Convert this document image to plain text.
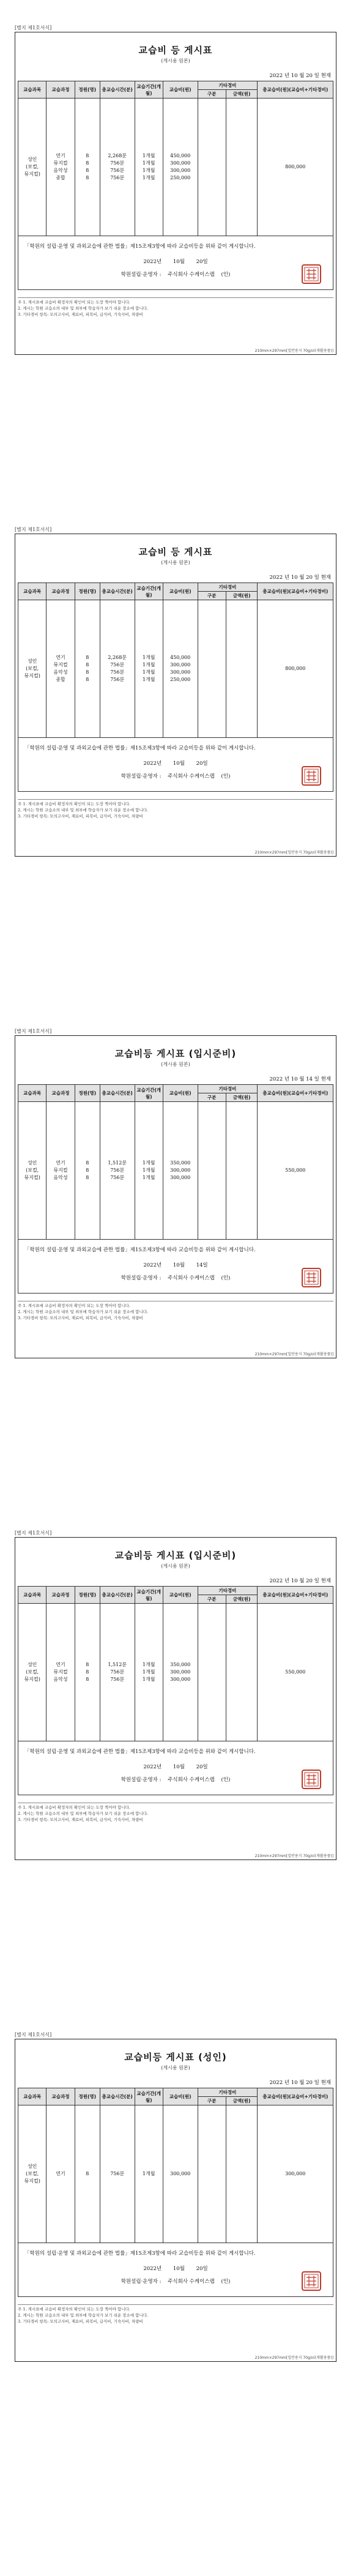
[별지 제1호서식]
교습비 등 게시표
(게시용 원본)
2022 년 10 월 20 일 현재
교습과목	교습과정	정원(명)	총교습시간(분)	교습기간(개월)	교습비(원)	기타경비		총교습비(원)(교습비+기타경비)
						구분	금액(원)	

성인
(보컬,
뮤지컬)	연기
뮤지컬
음악성
종합	8
8
8
8	2,268분
756분
756분
756분	1개월
1개월
1개월
1개월	450,000
300,000
300,000
250,000			800,000
「학원의 설립·운영 및 과외교습에 관한 법률」제15조제3항에 따라 교습비등을 위와 같이 게시합니다.
2022년 10월 20일
학원설립·운영자 : 주식회사 수케이스랩 (인)
주 1. 게시표에 교습비 확정자의 확인이 되는 도장 찍어야 합니다.
2. 게시는 학원 교습소의 내부 및 외부에 학습자가 보기 쉬운 장소에 합니다.
3. 기타경비 항목: 모의고사비, 재료비, 피복비, 급식비, 기숙사비, 차량비
210mm×297mm[일반용지 70g/㎡(재활용품)]
[별지 제1호서식]
교습비 등 게시표
(게시용 원본)
2022 년 10 월 20 일 현재
교습과목	교습과정	정원(명)	총교습시간(분)	교습기간(개월)	교습비(원)	기타경비		총교습비(원)(교습비+기타경비)
						구분	금액(원)	

성인
(보컬,
뮤지컬)	연기
뮤지컬
음악성
종합	8
8
8
8	2,268분
756분
756분
756분	1개월
1개월
1개월
1개월	450,000
300,000
300,000
250,000			800,000
「학원의 설립·운영 및 과외교습에 관한 법률」제15조제3항에 따라 교습비등을 위와 같이 게시합니다.
2022년 10월 20일
학원설립·운영자 : 주식회사 수케이스랩 (인)
주 1. 게시표에 교습비 확정자의 확인이 되는 도장 찍어야 합니다.
2. 게시는 학원 교습소의 내부 및 외부에 학습자가 보기 쉬운 장소에 합니다.
3. 기타경비 항목: 모의고사비, 재료비, 피복비, 급식비, 기숙사비, 차량비
210mm×297mm[일반용지 70g/㎡(재활용품)]
[별지 제1호서식]
교습비등 게시표 (입시준비)
(게시용 원본)
2022 년 10 월 14 일 현재
교습과목	교습과정	정원(명)	총교습시간(분)	교습기간(개월)	교습비(원)	기타경비		총교습비(원)(교습비+기타경비)
						구분	금액(원)	

성인
(보컬,
뮤지컬)	연기
뮤지컬
음악성	8
8
8	1,512분
756분
756분	1개월
1개월
1개월	350,000
300,000
300,000			550,000
「학원의 설립·운영 및 과외교습에 관한 법률」제15조제3항에 따라 교습비등을 위와 같이 게시합니다.
2022년 10월 14일
학원설립·운영자 : 주식회사 수케이스랩 (인)
주 1. 게시표에 교습비 확정자의 확인이 되는 도장 찍어야 합니다.
2. 게시는 학원 교습소의 내부 및 외부에 학습자가 보기 쉬운 장소에 합니다.
3. 기타경비 항목: 모의고사비, 재료비, 피복비, 급식비, 기숙사비, 차량비
210mm×297mm[일반용지 70g/㎡(재활용품)]
[별지 제1호서식]
교습비등 게시표 (입시준비)
(게시용 원본)
2022 년 10 월 20 일 현재
교습과목	교습과정	정원(명)	총교습시간(분)	교습기간(개월)	교습비(원)	기타경비		총교습비(원)(교습비+기타경비)
						구분	금액(원)	

성인
(보컬,
뮤지컬)	연기
뮤지컬
음악성	8
8
8	1,512분
756분
756분	1개월
1개월
1개월	350,000
300,000
300,000			550,000
「학원의 설립·운영 및 과외교습에 관한 법률」제15조제3항에 따라 교습비등을 위와 같이 게시합니다.
2022년 10월 20일
학원설립·운영자 : 주식회사 수케이스랩 (인)
주 1. 게시표에 교습비 확정자의 확인이 되는 도장 찍어야 합니다.
2. 게시는 학원 교습소의 내부 및 외부에 학습자가 보기 쉬운 장소에 합니다.
3. 기타경비 항목: 모의고사비, 재료비, 피복비, 급식비, 기숙사비, 차량비
210mm×297mm[일반용지 70g/㎡(재활용품)]
[별지 제1호서식]
교습비등 게시표 (성인)
(게시용 원본)
2022 년 10 월 20 일 현재
교습과목	교습과정	정원(명)	총교습시간(분)	교습기간(개월)	교습비(원)	기타경비		총교습비(원)(교습비+기타경비)
						구분	금액(원)	

성인
(보컬,
뮤지컬)	연기	8	756분	1개월	300,000			300,000
「학원의 설립·운영 및 과외교습에 관한 법률」제15조제3항에 따라 교습비등을 위와 같이 게시합니다.
2022년 10월 20일
학원설립·운영자 : 주식회사 수케이스랩 (인)
주 1. 게시표에 교습비 확정자의 확인이 되는 도장 찍어야 합니다.
2. 게시는 학원 교습소의 내부 및 외부에 학습자가 보기 쉬운 장소에 합니다.
3. 기타경비 항목: 모의고사비, 재료비, 피복비, 급식비, 기숙사비, 차량비
210mm×297mm[일반용지 70g/㎡(재활용품)]
